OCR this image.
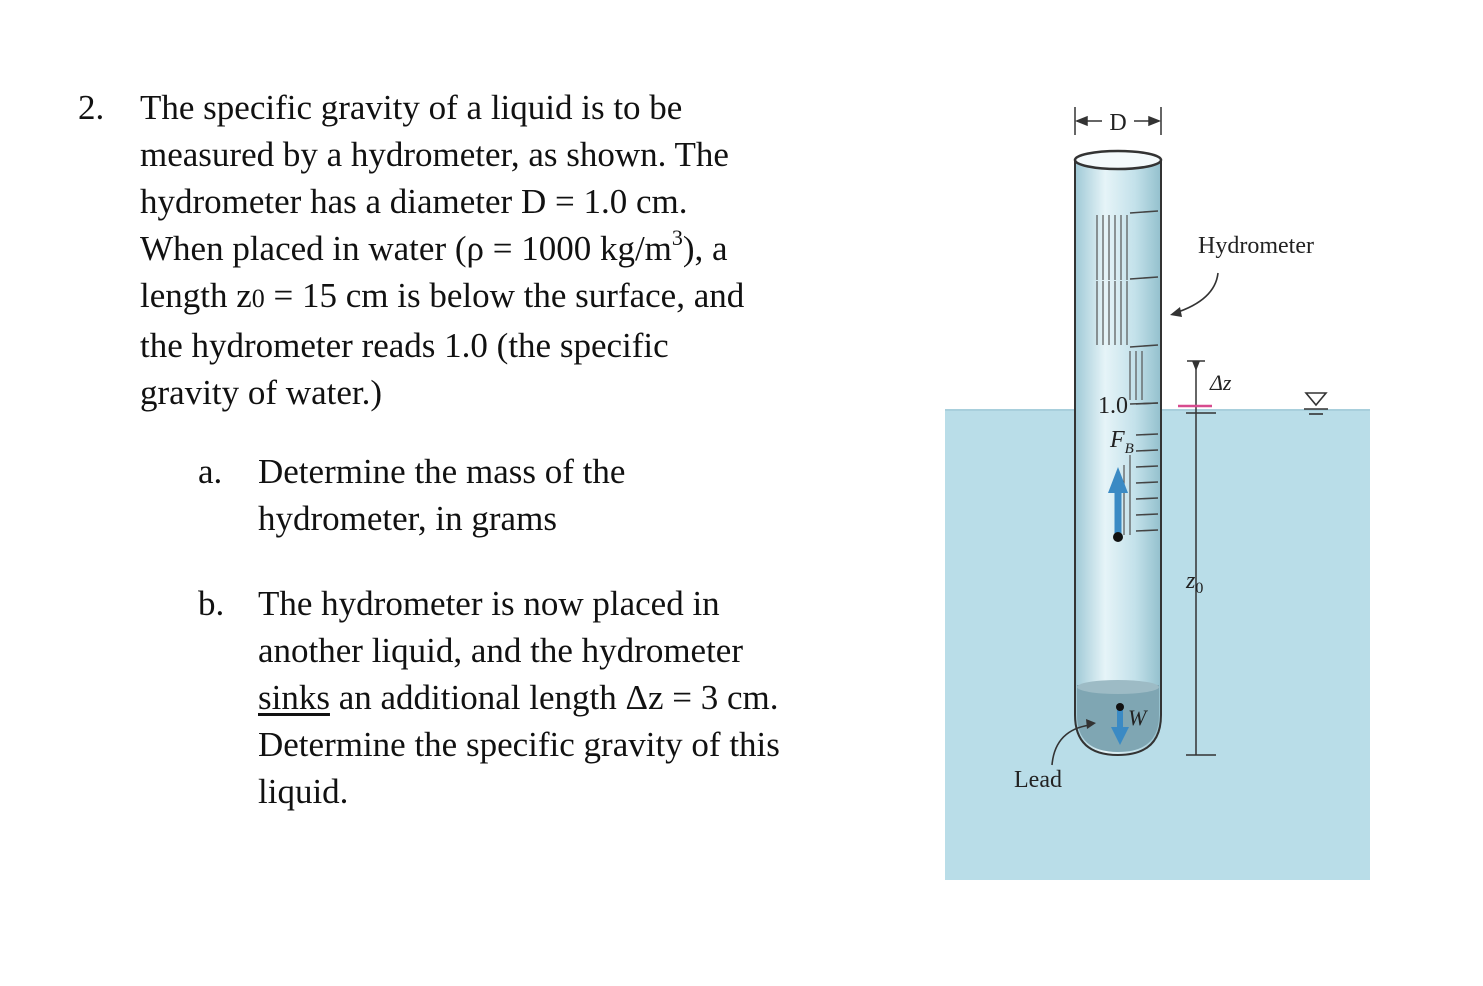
2. The specific gravity of a liquid is to be
measured by a hydrometer, as shown. The
hydrometer has a diameter D = 1.0 cm.
When placed in water (ρ = 1000 $kg/m^3$), a
length z0 = 15 cm is below the surface, and
the hydrometer reads 1.0 (the specific
gravity of water.)
a. Determine the mass of the
hydrometer, in grams
b. The hydrometer is now placed in
another liquid, and the hydrometer
sinks an additional length Δz = 3 cm.
Determine the specific gravity of this
liquid.
D
Hydrometer
1.0
$F_B$
W
Lead
Δz
$z_0$
